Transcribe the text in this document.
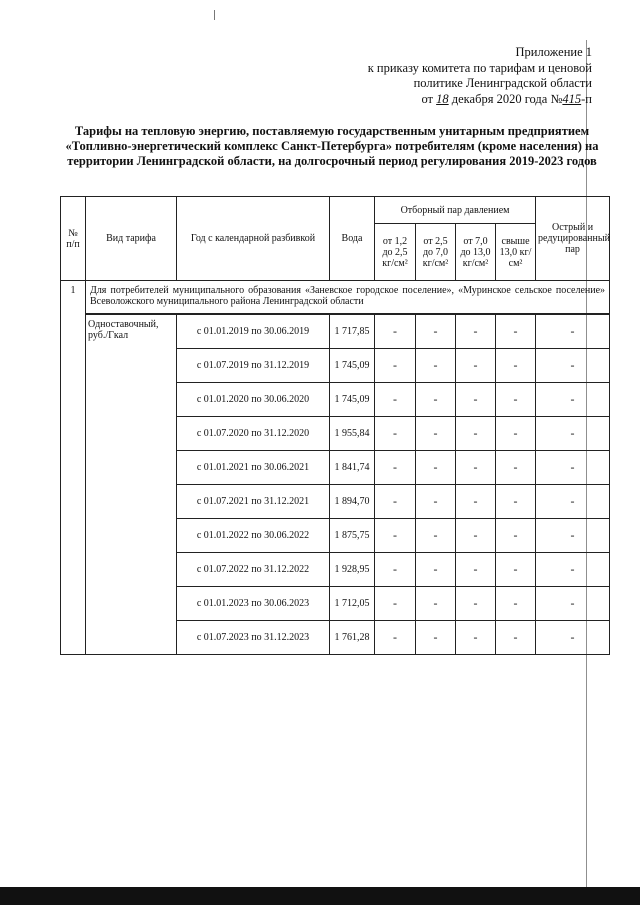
Приложение 1
к приказу комитета по тарифам и ценовой
политике Ленинградской области
от 18 декабря 2020 года №415-п
Тарифы на тепловую энергию, поставляемую государственным унитарным предприятием «Топливно-энергетический комплекс Санкт-Петербурга» потребителям (кроме населения) на территории Ленинградской области, на долгосрочный период регулирования 2019-2023 годов
№ п/п	Вид тарифа	Год с календарной разбивкой	Вода	Отборный пар давлением				Острый и редуцированный пар
				от 1,2 до 2,5 кг/см²	от 2,5 до 7,0 кг/см²	от 7,0 до 13,0 кг/см²	свыше 13,0 кг/см²	
1	Для потребителей муниципального образования «Заневское городское поселение», «Муринское сельское поселение» Всеволожского муниципального района Ленинградской области							

	Одноставочный, руб./Гкал	с 01.01.2019 по 30.06.2019	1 717,85	-	-	-	-	-
		с 01.07.2019 по 31.12.2019	1 745,09	-	-	-	-	-
		с 01.01.2020 по 30.06.2020	1 745,09	-	-	-	-	-
		с 01.07.2020 по 31.12.2020	1 955,84	-	-	-	-	-
		с 01.01.2021 по 30.06.2021	1 841,74	-	-	-	-	-
		с 01.07.2021 по 31.12.2021	1 894,70	-	-	-	-	-
		с 01.01.2022 по 30.06.2022	1 875,75	-	-	-	-	-
		с 01.07.2022 по 31.12.2022	1 928,95	-	-	-	-	-
		с 01.01.2023 по 30.06.2023	1 712,05	-	-	-	-	-
		с 01.07.2023 по 31.12.2023	1 761,28	-	-	-	-	-
